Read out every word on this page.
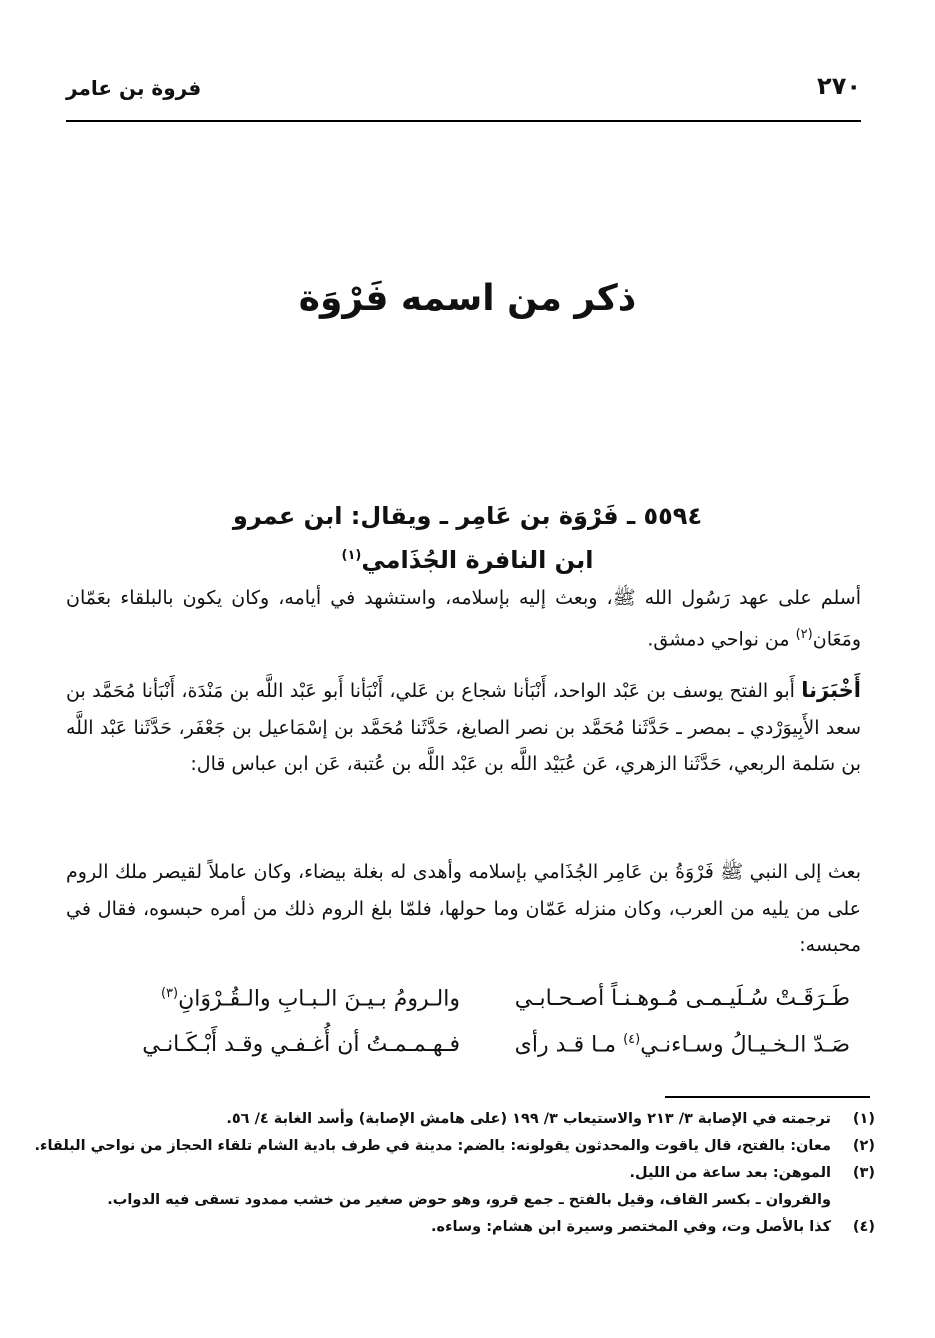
٢٧٠
فروة بن عامر
ذكر من اسمه فَرْوَة
٥٥٩٤ ـ فَرْوَة بن عَامِر ـ ويقال: ابن عمرو
ابن النافرة الجُذَامي$^{(١)}$
أسلم على عهد رَسُول الله ﷺ، وبعث إليه بإسلامه، واستشهد في أيامه، وكان يكون بالبلقاء بعَمّان ومَعَان$^{(٢)}$ من نواحي دمشق.
أَخْبَرَنا أَبو الفتح يوسف بن عَبْد الواحد، أَنْبَأنا شجاع بن عَلي، أَنْبَأنا أَبو عَبْد اللَّه بن مَنْدَة، أَنْبَأنا مُحَمَّد بن سعد الأَبِيوَرْدي ـ بمصر ـ حَدَّثَنا مُحَمَّد بن نصر الصايغ، حَدَّثَنا مُحَمَّد بن إسْمَاعيل بن جَعْفَر، حَدَّثَنا عَبْد اللَّه بن سَلمة الربعي، حَدَّثَنا الزهري، عَن عُبَيْد اللَّه بن عَبْد اللَّه بن عُتبة، عَن ابن عباس قال:
بعث إلى النبي ﷺ فَرْوَةُ بن عَامِر الجُذَامي بإسلامه وأهدى له بغلة بيضاء، وكان عاملاً لقيصر ملك الروم على من يليه من العرب، وكان منزله عَمّان وما حولها، فلمّا بلغ الروم ذلك من أمره حبسوه، فقال في محبسه:
طَـرَقَـتْ سُـلَيـمـى مُـوهـنـاً أصـحـابـي
والـرومُ بـيـنَ الـبـابِ والـقُـرْوَانِ$^{(٣)}$
صَـدّ الـخـيـالُ وسـاءنـي$^{(٤)}$ مـا قـد رأى
فـهـمـمـتُ أن أُغـفـي وقـد أَبْـكَـانـي
(١)
ترجمته في الإصابة ٣/ ٢١٣ والاستيعاب ٣/ ١٩٩ (على هامش الإصابة) وأسد الغابة ٤/ ٥٦.
(٢)
معان: بالفتح، قال ياقوت والمحدثون يقولونه: بالضم: مدينة في طرف بادية الشام تلقاء الحجاز من نواحي البلقاء.
(٣)
الموهن: بعد ساعة من الليل.
والقروان ـ بكسر القاف، وقيل بالفتح ـ جمع قرو، وهو حوض صغير من خشب ممدود تسقى فيه الدواب.
(٤)
كذا بالأصل وت، وفي المختصر وسيرة ابن هشام: وساءه.
